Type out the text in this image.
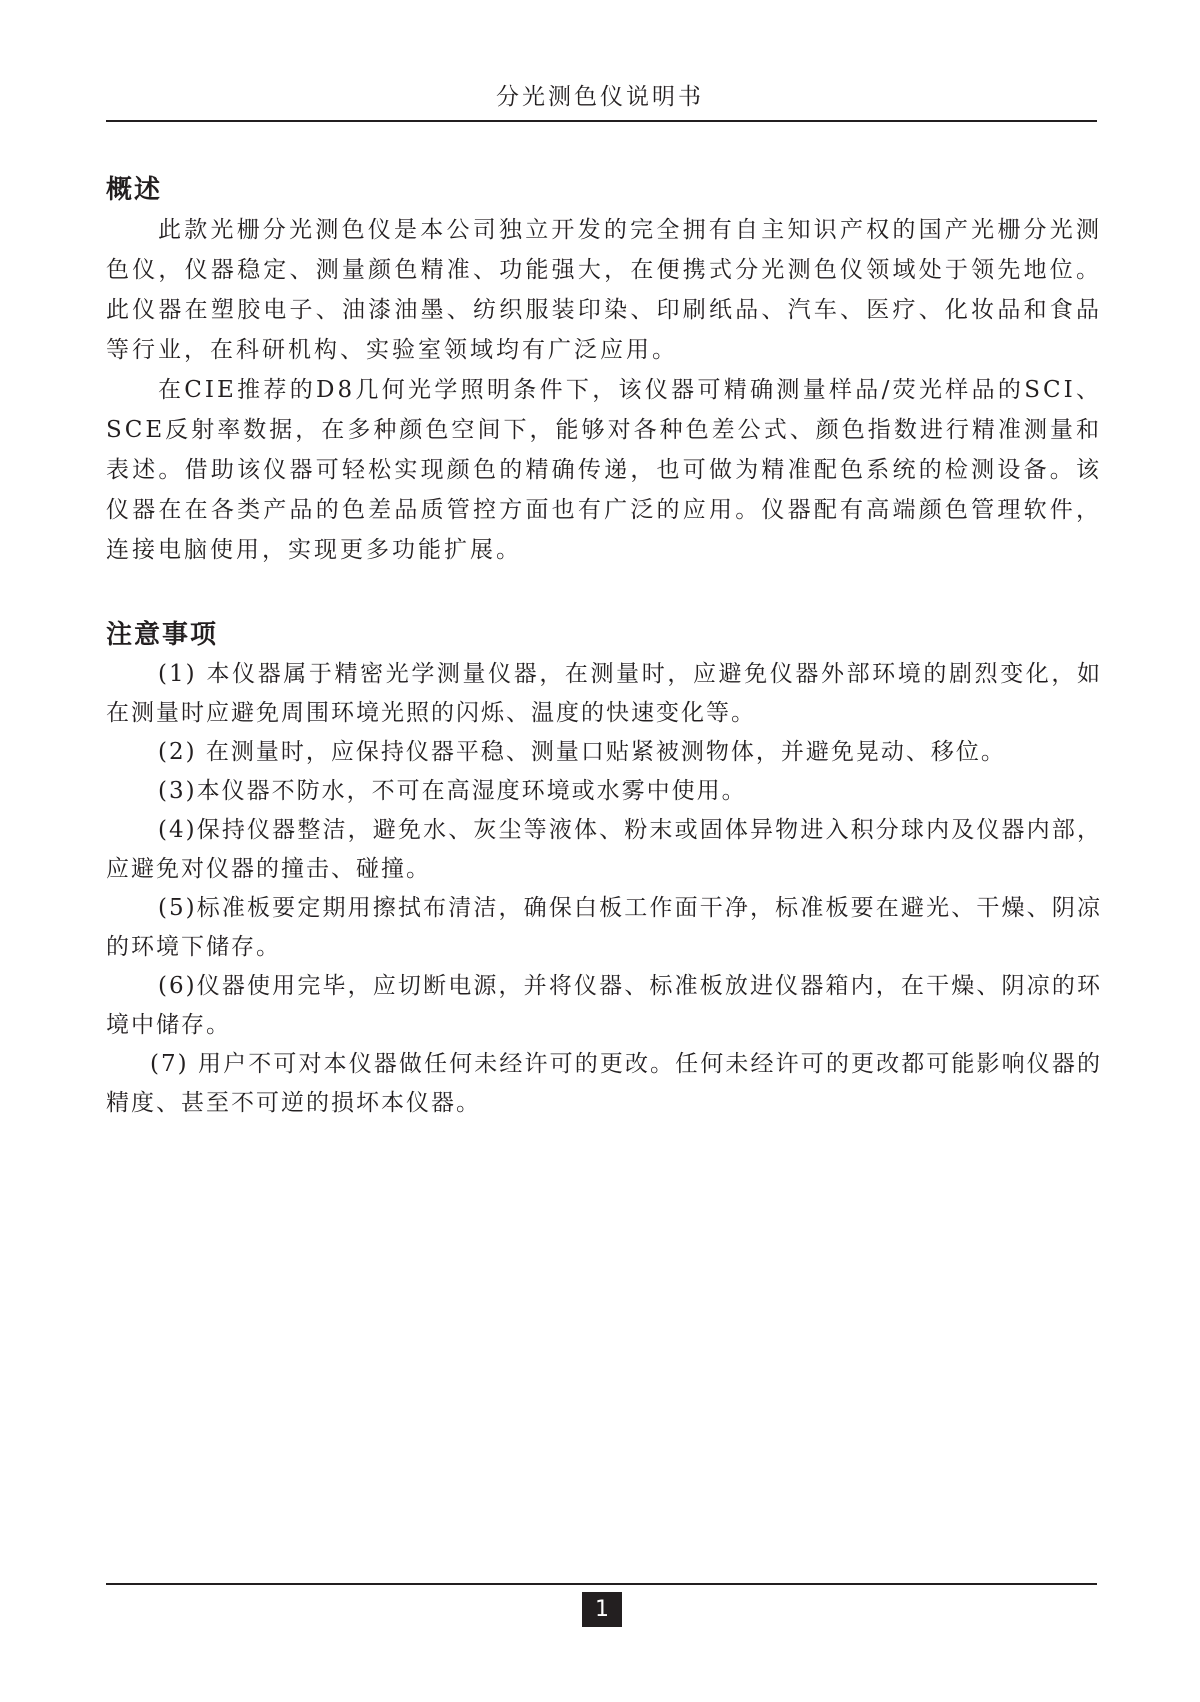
分光测色仪说明书
概述

此款光栅分光测色仪是本公司独立开发的完全拥有自主知识产权的国产光栅分光测色仪，仪器稳定、测量颜色精准、功能强大，在便携式分光测色仪领域处于领先地位。此仪器在塑胶电子、油漆油墨、纺织服装印染、印刷纸品、汽车、医疗、化妆品和食品等行业，在科研机构、实验室领域均有广泛应用。

在CIE推荐的D8几何光学照明条件下，该仪器可精确测量样品/荧光样品的SCI、SCE反射率数据，在多种颜色空间下，能够对各种色差公式、颜色指数进行精准测量和表述。借助该仪器可轻松实现颜色的精确传递，也可做为精准配色系统的检测设备。该仪器在在各类产品的色差品质管控方面也有广泛的应用。仪器配有高端颜色管理软件，连接电脑使用，实现更多功能扩展。

注意事项

(1) 本仪器属于精密光学测量仪器，在测量时，应避免仪器外部环境的剧烈变化，如在测量时应避免周围环境光照的闪烁、温度的快速变化等。

(2) 在测量时，应保持仪器平稳、测量口贴紧被测物体，并避免晃动、移位。

(3)本仪器不防水，不可在高湿度环境或水雾中使用。

(4)保持仪器整洁，避免水、灰尘等液体、粉末或固体异物进入积分球内及仪器内部，应避免对仪器的撞击、碰撞。

(5)标准板要定期用擦拭布清洁，确保白板工作面干净，标准板要在避光、干燥、阴凉的环境下储存。

(6)仪器使用完毕，应切断电源，并将仪器、标准板放进仪器箱内，在干燥、阴凉的环境中储存。

(7) 用户不可对本仪器做任何未经许可的更改。任何未经许可的更改都可能影响仪器的精度、甚至不可逆的损坏本仪器。

1
